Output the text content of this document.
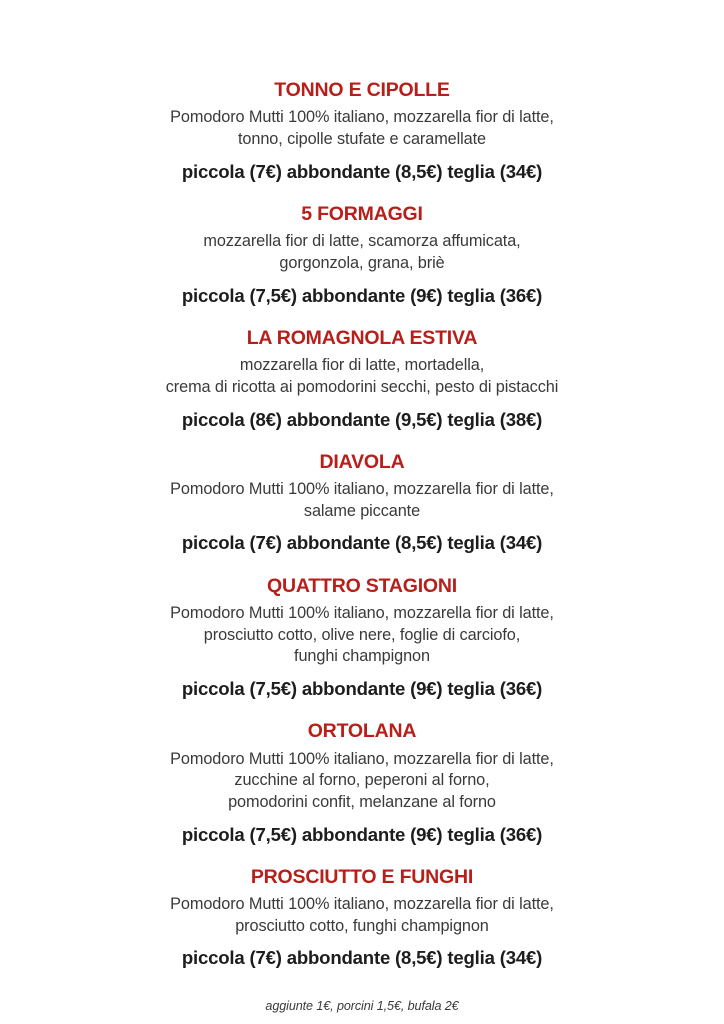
TONNO E CIPOLLE
Pomodoro Mutti 100% italiano, mozzarella fior di latte,
tonno, cipolle stufate e caramellate
piccola (7€) abbondante (8,5€) teglia (34€)
5 FORMAGGI
mozzarella fior di latte, scamorza affumicata,
gorgonzola, grana, briè
piccola (7,5€) abbondante (9€) teglia (36€)
LA ROMAGNOLA ESTIVA
mozzarella fior di latte, mortadella,
crema di ricotta ai pomodorini secchi, pesto di pistacchi
piccola (8€) abbondante (9,5€) teglia (38€)
DIAVOLA
Pomodoro Mutti 100% italiano, mozzarella fior di latte,
salame piccante
piccola (7€) abbondante (8,5€) teglia (34€)
QUATTRO STAGIONI
Pomodoro Mutti 100% italiano, mozzarella fior di latte,
prosciutto cotto, olive nere, foglie di carciofo,
funghi champignon
piccola (7,5€) abbondante (9€) teglia (36€)
ORTOLANA
Pomodoro Mutti 100% italiano, mozzarella fior di latte,
zucchine al forno, peperoni al forno,
pomodorini confit, melanzane al forno
piccola (7,5€) abbondante (9€) teglia (36€)
PROSCIUTTO E FUNGHI
Pomodoro Mutti 100% italiano, mozzarella fior di latte,
prosciutto cotto, funghi champignon
piccola (7€) abbondante (8,5€) teglia (34€)
aggiunte 1€, porcini 1,5€, bufala 2€
